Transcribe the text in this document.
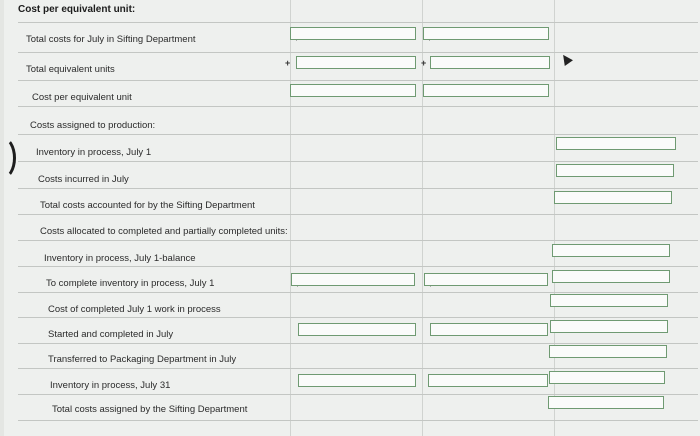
Cost per equivalent unit:
Total costs for July in Sifting Department
Total equivalent units
Cost per equivalent unit
Costs assigned to production:
Inventory in process, July 1
Costs incurred in July
Total costs accounted for by the Sifting Department
Costs allocated to completed and partially completed units:
Inventory in process, July 1-balance
To complete inventory in process, July 1
Cost of completed July 1 work in process
Started and completed in July
Transferred to Packaging Department in July
Inventory in process, July 31
Total costs assigned by the Sifting Department
+	+
